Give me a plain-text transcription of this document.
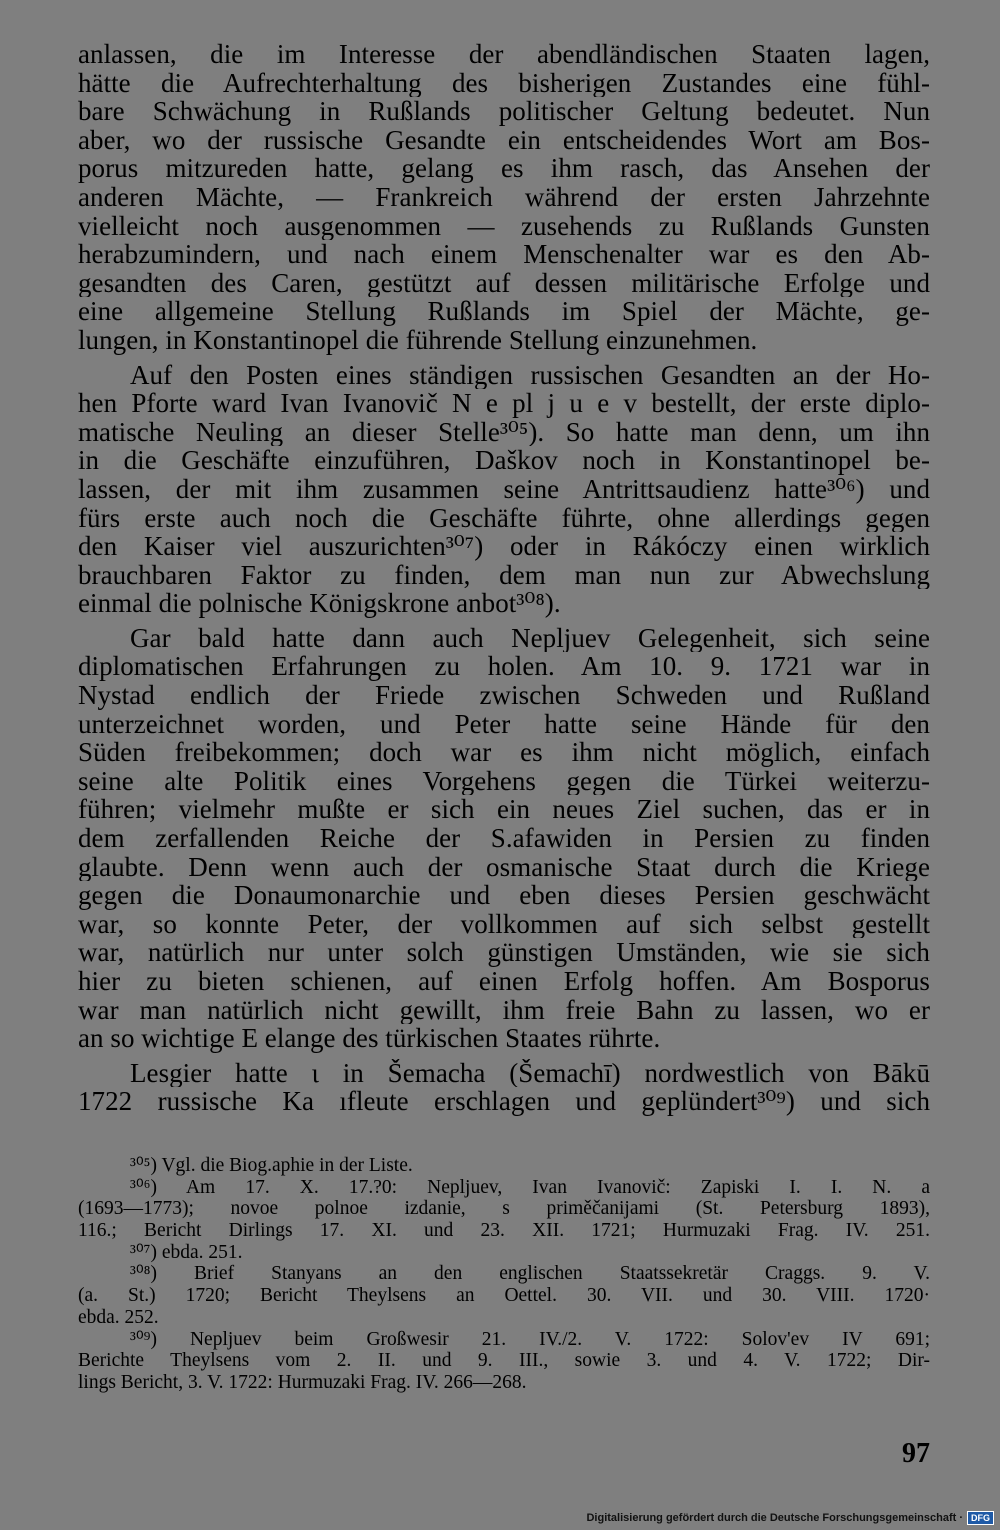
anlassen, die im Interesse der abendländischen Staaten lagen,
hätte die Aufrechterhaltung des bisherigen Zustandes eine fühl-
bare Schwächung in Rußlands politischer Geltung bedeutet. Nun
aber, wo der russische Gesandte ein entscheidendes Wort am Bos-
porus mitzureden hatte, gelang es ihm rasch, das Ansehen der
anderen Mächte, — Frankreich während der ersten Jahrzehnte
vielleicht noch ausgenommen — zusehends zu Rußlands Gunsten
herabzumindern, und nach einem Menschenalter war es den Ab-
gesandten des Caren, gestützt auf dessen militärische Erfolge und
eine allgemeine Stellung Rußlands im Spiel der Mächte, ge-
lungen, in Konstantinopel die führende Stellung einzunehmen.
Auf den Posten eines ständigen russischen Gesandten an der Ho-
hen Pforte ward Ivan Ivanovič N e pl j u e v bestellt, der erste diplo-
matische Neuling an dieser Stelle³⁰⁵). So hatte man denn, um ihn
in die Geschäfte einzuführen, Daškov noch in Konstantinopel be-
lassen, der mit ihm zusammen seine Antrittsaudienz hatte³⁰⁶) und
fürs erste auch noch die Geschäfte führte, ohne allerdings gegen
den Kaiser viel auszurichten³⁰⁷) oder in Rákóczy einen wirklich
brauchbaren Faktor zu finden, dem man nun zur Abwechslung
einmal die polnische Königskrone anbot³⁰⁸).
Gar bald hatte dann auch Nepljuev Gelegenheit, sich seine
diplomatischen Erfahrungen zu holen. Am 10. 9. 1721 war in
Nystad endlich der Friede zwischen Schweden und Rußland
unterzeichnet worden, und Peter hatte seine Hände für den
Süden freibekommen; doch war es ihm nicht möglich, einfach
seine alte Politik eines Vorgehens gegen die Türkei weiterzu-
führen; vielmehr mußte er sich ein neues Ziel suchen, das er in
dem zerfallenden Reiche der S.afawiden in Persien zu finden
glaubte. Denn wenn auch der osmanische Staat durch die Kriege
gegen die Donaumonarchie und eben dieses Persien geschwächt
war, so konnte Peter, der vollkommen auf sich selbst gestellt
war, natürlich nur unter solch günstigen Umständen, wie sie sich
hier zu bieten schienen, auf einen Erfolg hoffen. Am Bosporus
war man natürlich nicht gewillt, ihm freie Bahn zu lassen, wo er
an so wichtige E elange des türkischen Staates rührte.
Lesgier hatte ι in Šemacha (Šemachī) nordwestlich von Bākū
1722 russische Ka ıfleute erschlagen und geplündert³⁰⁹) und sich
³⁰⁵) Vgl. die Biog.aphie in der Liste.
³⁰⁶) Am 17. X. 17.?0: Nepljuev, Ivan Ivanovič: Zapiski I. I. N. a
(1693—1773); novoe polnoe izdanie, s priměčanijami (St. Petersburg 1893),
116.; Bericht Dirlings 17. XI. und 23. XII. 1721; Hurmuzaki Frag. IV. 251.
³⁰⁷) ebda. 251.
³⁰⁸) Brief Stanyans an den englischen Staatssekretär Craggs. 9. V.
(a. St.) 1720; Bericht Theylsens an Oettel. 30. VII. und 30. VIII. 1720·
ebda. 252.
³⁰⁹) Nepljuev beim Großwesir 21. IV./2. V. 1722: Solov'ev IV 691;
Berichte Theylsens vom 2. II. und 9. III., sowie 3. und 4. V. 1722; Dir-
lings Bericht, 3. V. 1722: Hurmuzaki Frag. IV. 266—268.
97
Digitalisierung gefördert durch die Deutsche Forschungsgemeinschaft · DFG
